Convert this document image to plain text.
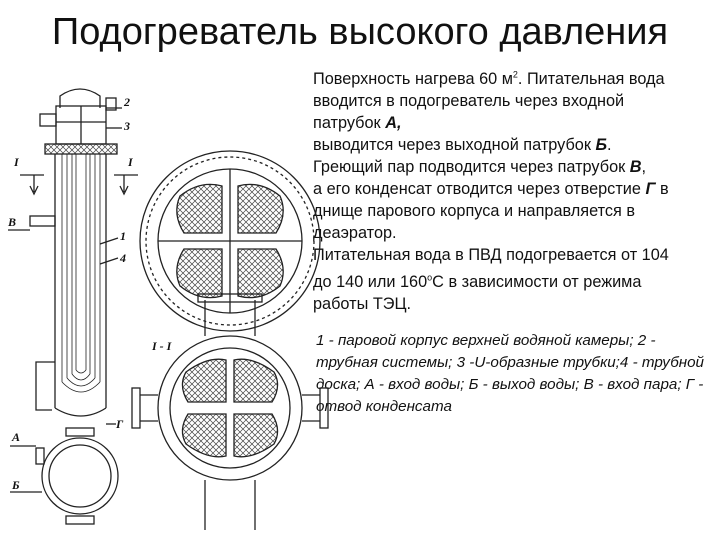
Подогреватель высокого давления
Поверхность нагрева 60 $м^2$. Питательная вода
вводится в подогреватель через входной
патрубок А,
выводится через выходной патрубок Б.
Греющий пар подводится через патрубок В,
а его конденсат отводится через отверстие Г в
днище парового корпуса и направляется в
деаэратор.
Питательная вода в ПВД подогревается от 104
до 140 или $160^оС$ в зависимости от режима
работы ТЭЦ.
1 - паровой корпус верхней водяной камеры; 2 - трубная системы; 3 -U-образные трубки;4 - трубной доска; А - вход воды; Б - выход воды; В - вход пара; Г - отвод конденсата
2
3
I	I
В
1
4
I - I
Г
А
Б
